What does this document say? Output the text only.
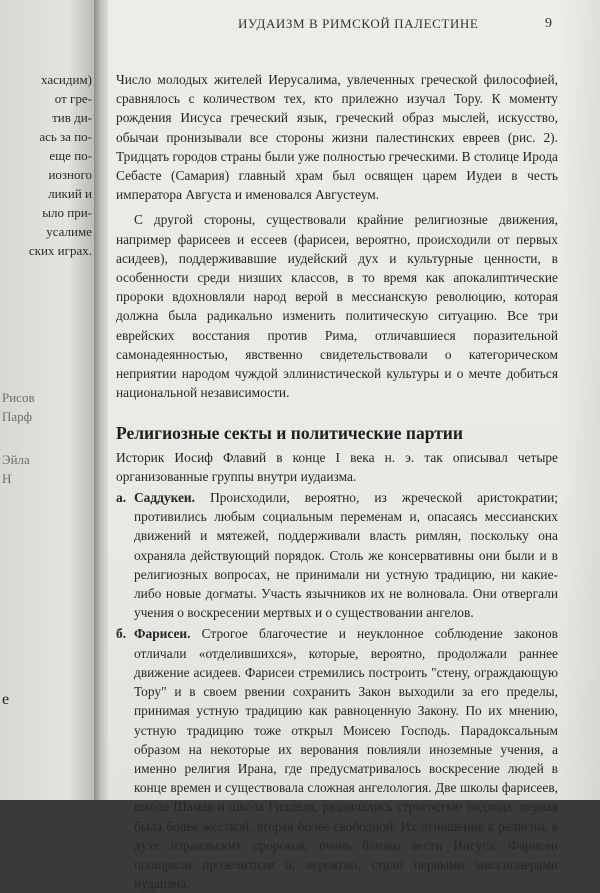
хасидим)
от гре-
тив ди-
ась за по-
еще по-
иозного
ликий и
ыло при-
усалиме
ских играх.
Рисов
Парф
Эйла
Н
е
ИУДАИЗМ В РИМСКОЙ ПАЛЕСТИНЕ	9

Число молодых жителей Иерусалима, увлеченных греческой философией, сравнялось с количеством тех, кто прилежно изучал Тору. К моменту рождения Иисуса греческий язык, греческий образ мыслей, искусство, обычаи пронизывали все стороны жизни палестинских евреев (рис. 2). Тридцать городов страны были уже полностью греческими. В столице Ирода Себасте (Самария) главный храм был освящен царем Иудеи в честь императора Августа и именовался Августеум.

С другой стороны, существовали крайние религиозные движения, например фарисеев и ессеев (фарисеи, вероятно, происходили от первых асидеев), поддерживавшие иудейский дух и культурные ценности, в особенности среди низших классов, в то время как апокалиптические пророки вдохновляли народ верой в мессианскую революцию, которая должна была радикально изменить политическую ситуацию. Все три еврейских восстания против Рима, отличавшиеся поразительной самонадеянностью, явственно свидетельствовали о категорическом неприятии народом чуждой эллинистической культуры и о мечте добиться национальной независимости.

Религиозные секты и политические партии

Историк Иосиф Флавий в конце I века н. э. так описывал четыре организованные группы внутри иудаизма.

а. Саддукеи. Происходили, вероятно, из жреческой аристократии; противились любым социальным переменам и, опасаясь мессианских движений и мятежей, поддерживали власть римлян, поскольку она охраняла действующий порядок. Столь же консервативны они были и в религиозных вопросах, не принимали ни устную традицию, ни какие-либо новые догматы. Участь язычников их не волновала. Они отвергали учения о воскресении мертвых и о существовании ангелов.
б. Фарисеи. Строгое благочестие и неуклонное соблюдение законов отличали «отделившихся», которые, вероятно, продолжали раннее движение асидеев. Фарисеи стремились построить "стену, ограждающую Тору" и в своем рвении сохранить Закон выходили за его пределы, принимая устную традицию как равноценную Закону. По их мнению, устную традицию тоже открыл Моисею Господь. Парадоксальным образом на некоторые их верования повлияли иноземные учения, а именно религия Ирана, где предусматривалось воскресение людей в конце времен и существовала сложная ангелология. Две школы фарисеев, школа Шамая и школа Гиллеля, различались строгостью подхода: первая была более жесткой, вторая более свободной. Их отношение к религии, в духе израильских пророков, очень близко вести Иисуса. Фарисеи поощряли прозелитизм и, вероятно, стали первыми миссионерами иудаизма.
